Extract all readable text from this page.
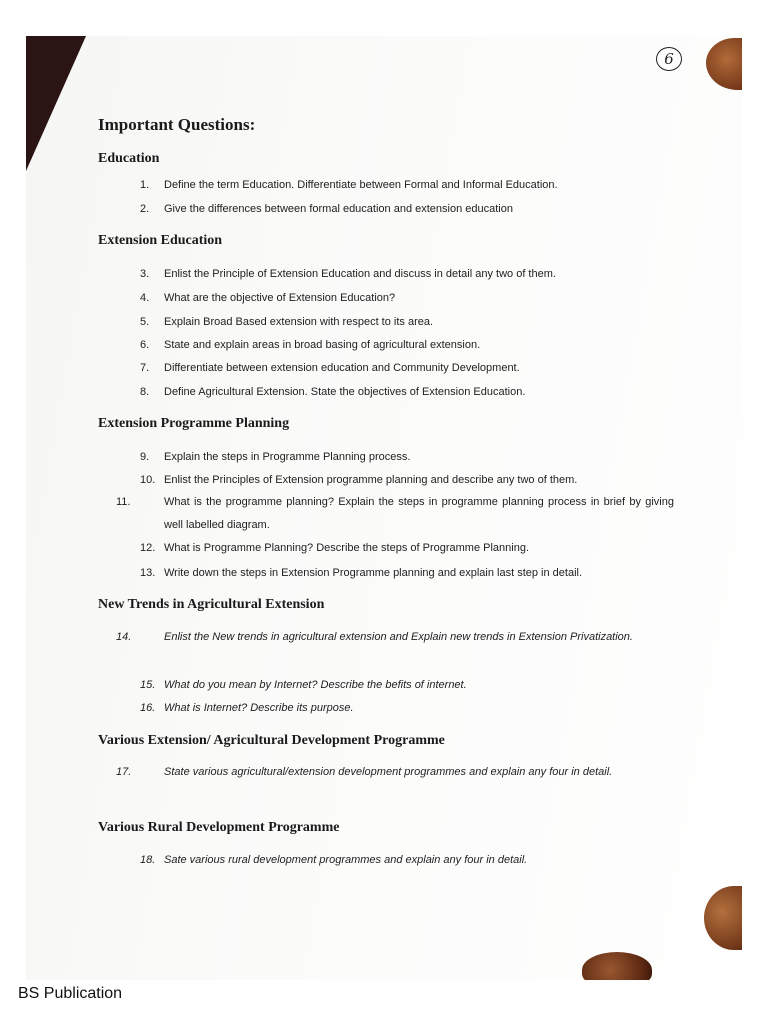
6
Important Questions:
Education
1. Define the term Education. Differentiate between Formal and Informal Education.
2. Give the differences between formal education and extension education
Extension Education
3. Enlist the Principle of Extension Education and discuss in detail any two of them.
4. What are the objective of Extension Education?
5. Explain Broad Based extension with respect to its area.
6. State and explain areas in broad basing of agricultural extension.
7. Differentiate between extension education and Community Development.
8. Define Agricultural Extension. State the objectives of Extension Education.
Extension Programme Planning
9. Explain the steps in Programme Planning process.
10. Enlist the Principles of Extension programme planning and describe any two of them.
11.	What is the programme planning? Explain the steps in programme planning process in brief by giving well labelled diagram.
12. What is Programme Planning? Describe the steps of Programme Planning.
13. Write down the steps in Extension Programme planning and explain last step in detail.
New Trends in Agricultural Extension
14.	Enlist the New trends in agricultural extension and Explain new trends in Extension Privatization.
15. What do you mean by Internet? Describe the befits of internet.
16. What is Internet? Describe its purpose.
Various Extension/ Agricultural Development Programme
17.	State various agricultural/extension development programmes and explain any four in detail.
Various Rural Development Programme
18. Sate various rural development programmes and explain any four in detail.
BS Publication
